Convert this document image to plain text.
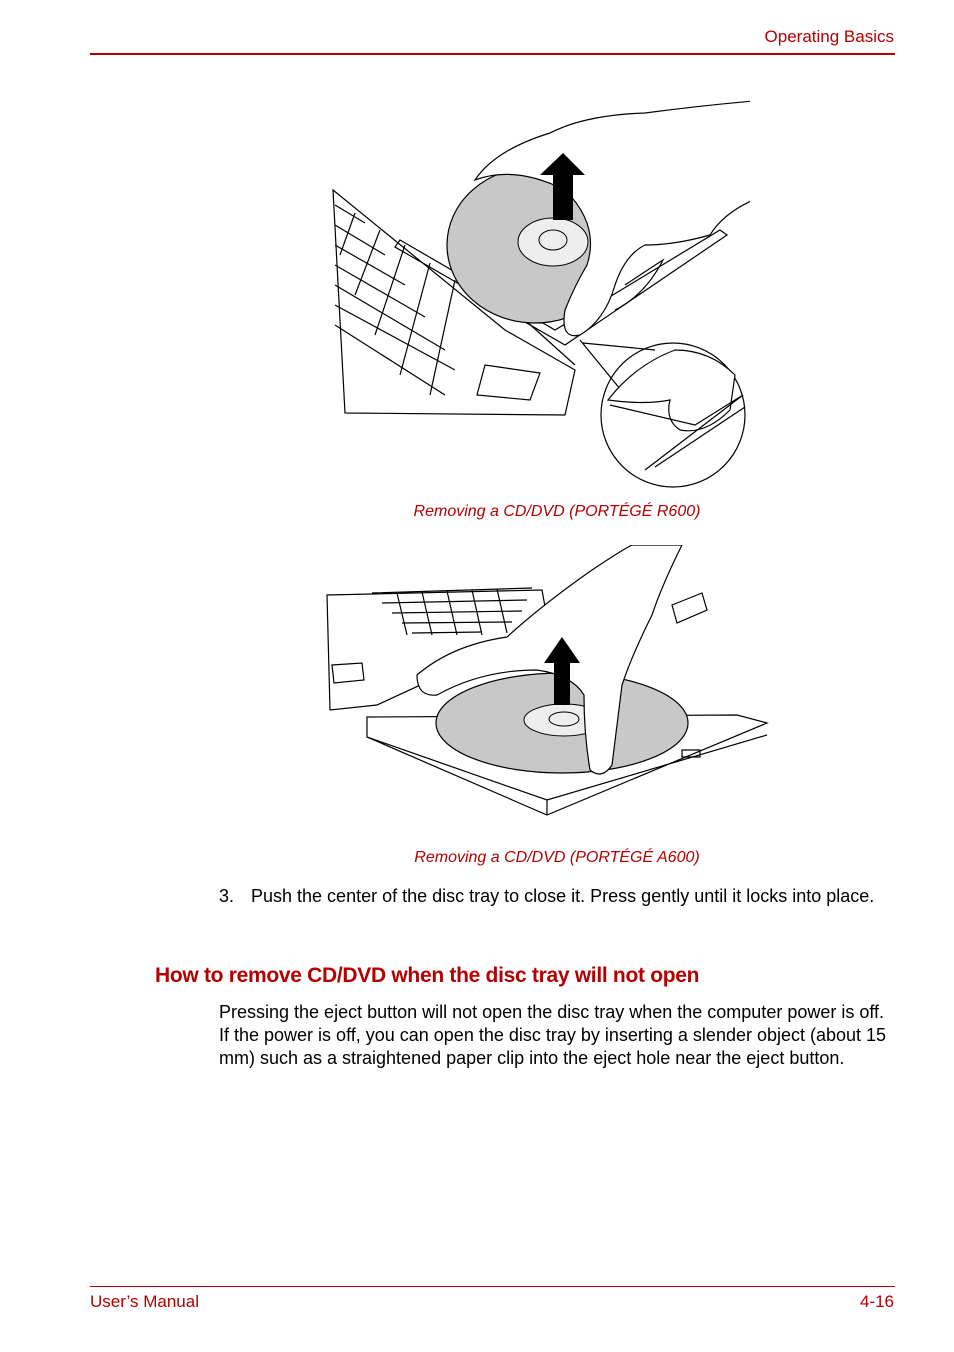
Operating Basics
Removing a CD/DVD (PORTÉGÉ R600)
Removing a CD/DVD (PORTÉGÉ A600)
3. Push the center of the disc tray to close it. Press gently until it locks into place.
How to remove CD/DVD when the disc tray will not open
Pressing the eject button will not open the disc tray when the computer power is off. If the power is off, you can open the disc tray by inserting a slender object (about 15 mm) such as a straightened paper clip into the eject hole near the eject button.
User’s Manual	4-16
